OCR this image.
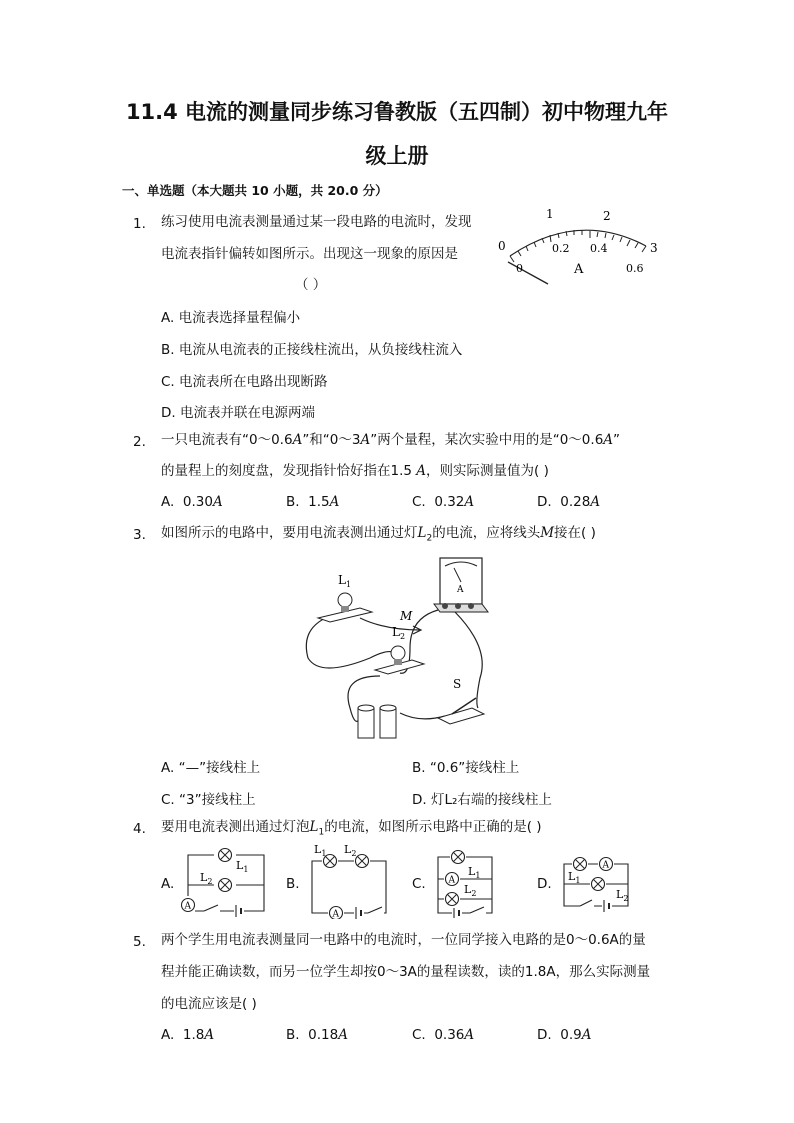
11.4 电流的测量同步练习鲁教版（五四制）初中物理九年
级上册
一、单选题（本大题共 10 小题，共 20.0 分）
1. 练习使用电流表测量通过某一段电路的电流时，发现
电流表指针偏转如图所示。出现这一现象的原因是
（ ）
A. 电流表选择量程偏小
B. 电流从电流表的正接线柱流出，从负接线柱流入
C. 电流表所在电路出现断路
D. 电流表并联在电源两端
0
1	2
3
0
0.2 0.4
0.6
A
2. 一只电流表有“0～0.6A”和“0～3A”两个量程，某次实验中用的是“0～0.6A”
的量程上的刻度盘，发现指针恰好指在1.5 A，则实际测量值为( )
A. 0.30A	B. 1.5A	C. 0.32A	D. 0.28A
3. 如图所示的电路中，要用电流表测出通过灯$L_2$的电流，应将线头M接在( )
$L_1$
$L_2$
M
A
S
A. “—”接线柱上	B. “0.6”接线柱上
C. “3”接线柱上	D. 灯L₂右端的接线柱上
4. 要用电流表测出通过灯泡$L_1$的电流，如图所示电路中正确的是( )
A.	B.	C.	D.
A
$L_1$
$L_2$
A
$L_1$ $L_2$
A
$L_1$
$L_2$
A
$L_1$
$L_2$
5. 两个学生用电流表测量同一电路中的电流时，一位同学接入电路的是0～0.6A的量
程并能正确读数，而另一位学生却按0～3A的量程读数，读的1.8A，那么实际测量
的电流应该是( )
A. 1.8A	B. 0.18A	C. 0.36A	D. 0.9A
